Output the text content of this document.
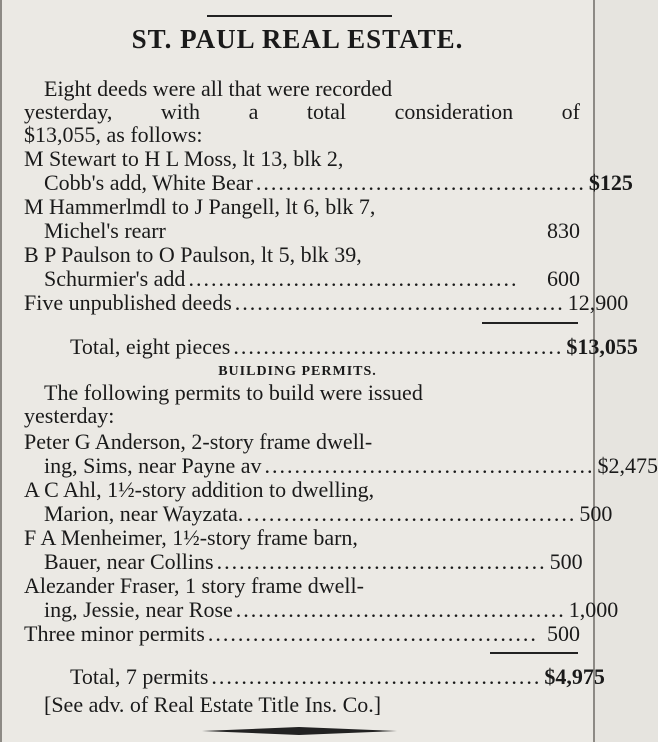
ST. PAUL REAL ESTATE.
Eight deeds were all that were recorded
yesterday, with a total consideration of
$13,055, as follows:
M Stewart to H L Moss, lt 13, blk 2,
Cobb's add, White Bear ............................................ $125
M Hammerlmdl to J Pangell, lt 6, blk 7,
Michel's rearr	830
B P Paulson to O Paulson, lt 5, blk 39,
Schurmier's add ............................................	600
Five unpublished deeds ............................................ 12,900
Total, eight pieces ............................................ $13,055
BUILDING PERMITS.
The following permits to build were issued
yesterday:
Peter G Anderson, 2-story frame dwell-
ing, Sims, near Payne av ............................................ $2,475
A C Ahl, 1½-story addition to dwelling,
Marion, near Wayzata. ............................................ 500
F A Menheimer, 1½-story frame barn,
Bauer, near Collins ............................................ 500
Alezander Fraser, 1 story frame dwell-
ing, Jessie, near Rose ............................................ 1,000
Three minor permits ............................................ 500
Total, 7 permits ............................................ $4,975
[See adv. of Real Estate Title Ins. Co.]
